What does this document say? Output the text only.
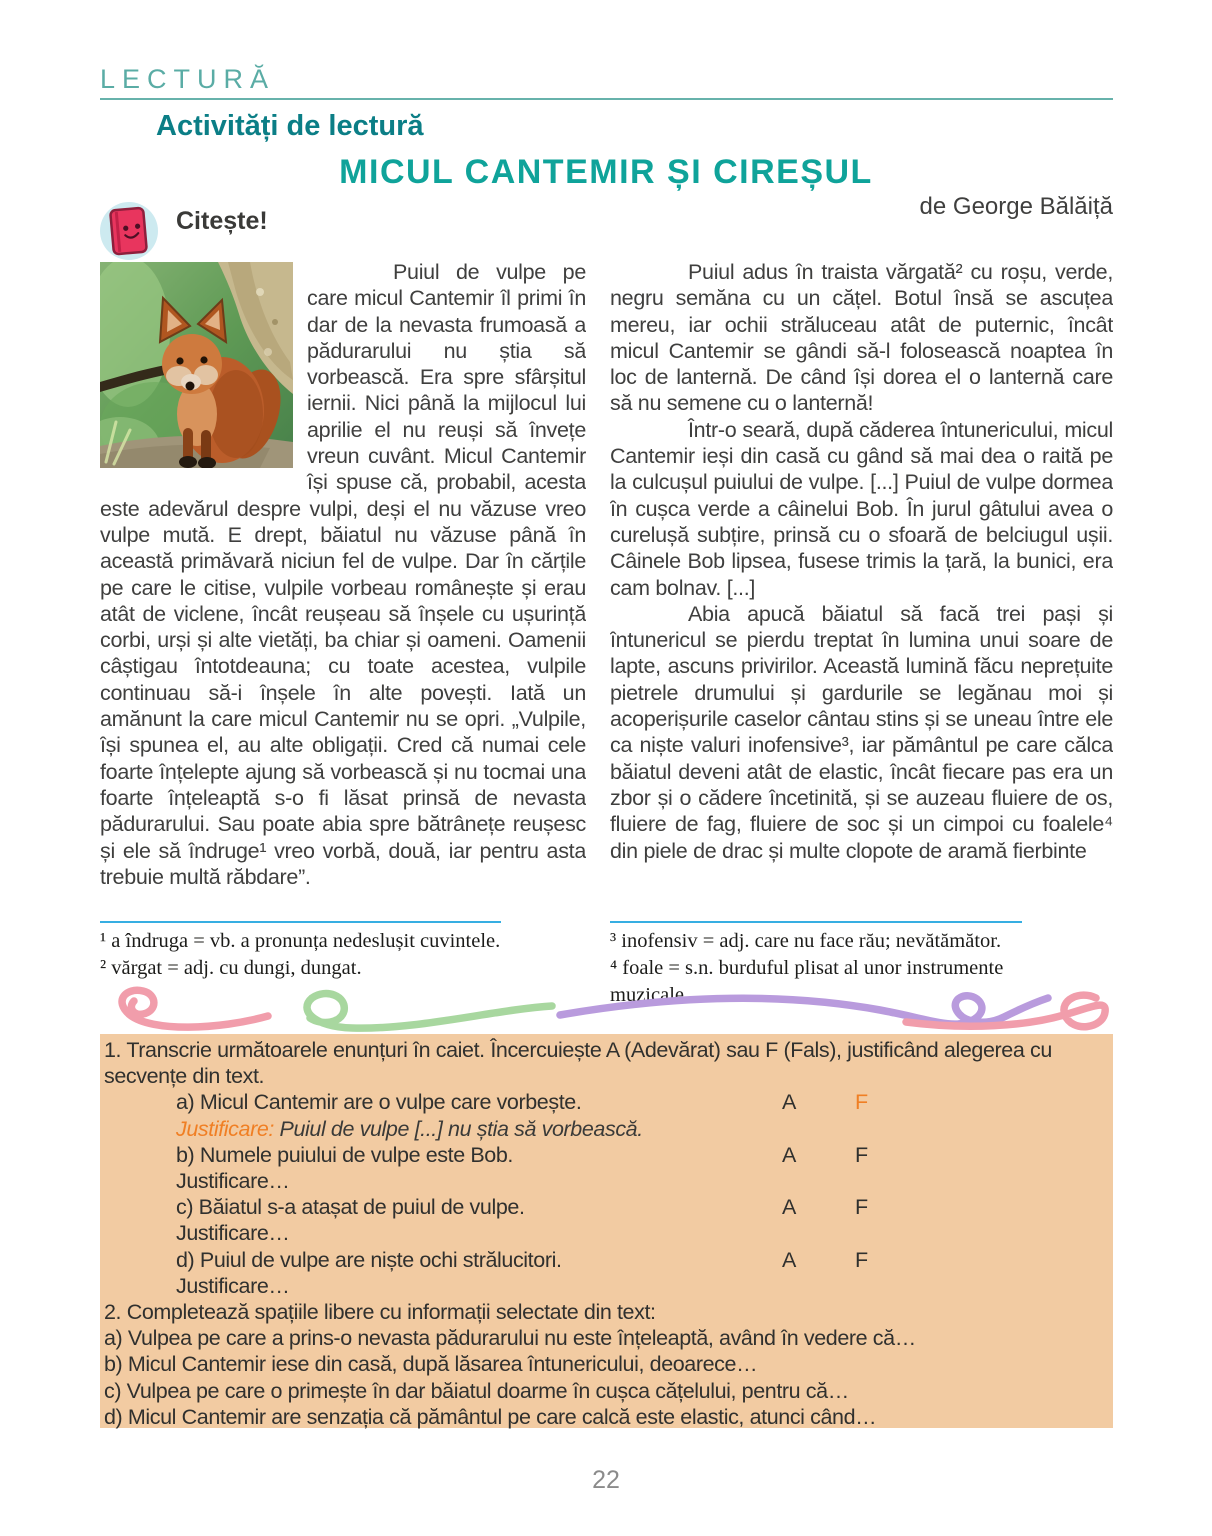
LECTURĂ
Activități de lectură
MICUL CANTEMIR ȘI CIREȘUL
de George Bălăiță
Citește!

Puiul de vulpe pe care micul Cantemir îl primi în dar de la nevasta frumoasă a pădurarului nu știa să vorbească. Era spre sfârșitul iernii. Nici până la mijlocul lui aprilie el nu reuși să învețe vreun cuvânt. Micul Cantemir își spuse că, probabil, acesta este adevărul despre vulpi, deși el nu văzuse vreo vulpe mută. E drept, băiatul nu văzuse până în această primăvară niciun fel de vulpe. Dar în cărțile pe care le citise, vulpile vorbeau românește și erau atât de viclene, încât reușeau să înșele cu ușurință corbi, urși și alte vietăți, ba chiar și oameni. Oamenii câștigau întotdeauna; cu toate acestea, vulpile continuau să-i înșele în alte povești. Iată un amănunt la care micul Cantemir nu se opri. „Vulpile, își spunea el, au alte obligații. Cred că numai cele foarte înțelepte ajung să vorbească și nu tocmai una foarte înțeleaptă s-o fi lăsat prinsă de nevasta pădurarului. Sau poate abia spre bătrânețe reușesc și ele să îndruge¹ vreo vorbă, două, iar pentru asta trebuie multă răbdare”.

Puiul adus în traista vărgată² cu roșu, verde, negru semăna cu un cățel. Botul însă se ascuțea mereu, iar ochii străluceau atât de puternic, încât micul Cantemir se gândi să-l folosească noaptea în loc de lanternă. De când își dorea el o lanternă care să nu semene cu o lanternă!

Într-o seară, după căderea întunericului, micul Cantemir ieși din casă cu gând să mai dea o raită pe la culcușul puiului de vulpe. [...] Puiul de vulpe dormea în cușca verde a câinelui Bob. În jurul gâtului avea o curelușă subțire, prinsă cu o sfoară de belciugul ușii. Câinele Bob lipsea, fusese trimis la țară, la bunici, era cam bolnav. [...]

Abia apucă băiatul să facă trei pași și întunericul se pierdu treptat în lumina unui soare de lapte, ascuns privirilor. Această lumină făcu neprețuite pietrele drumului și gardurile se legănau moi și acoperișurile caselor cântau stins și se uneau între ele ca niște valuri inofensive³, iar pământul pe care călca băiatul deveni atât de elastic, încât fiecare pas era un zbor și o cădere încetinită, și se auzeau fluiere de os, fluiere de fag, fluiere de soc și un cimpoi cu foalele⁴ din piele de drac și multe clopote de aramă fierbinte

¹ a îndruga = vb. a pronunța nedeslușit cuvintele.
² vărgat = adj. cu dungi, dungat.
³ inofensiv = adj. care nu face rău; nevătămător.
⁴ foale = s.n. burduful plisat al unor instrumente muzicale.
1. Transcrie următoarele enunțuri în caiet. Încercuiește A (Adevărat) sau F (Fals), justificând alegerea cu secvențe din text.
a) Micul Cantemir are o vulpe care vorbește.	A	F
Justificare: Puiul de vulpe [...] nu știa să vorbească.
b) Numele puiului de vulpe este Bob.	A	F
Justificare…
c) Băiatul s-a atașat de puiul de vulpe.	A	F
Justificare…
d) Puiul de vulpe are niște ochi strălucitori.	A	F
Justificare…
2. Completează spațiile libere cu informații selectate din text:
a) Vulpea pe care a prins-o nevasta pădurarului nu este înțeleaptă, având în vedere că…
b) Micul Cantemir iese din casă, după lăsarea întunericului, deoarece…
c) Vulpea pe care o primește în dar băiatul doarme în cușca cățelului, pentru că…
d) Micul Cantemir are senzația că pământul pe care calcă este elastic, atunci când…
22
